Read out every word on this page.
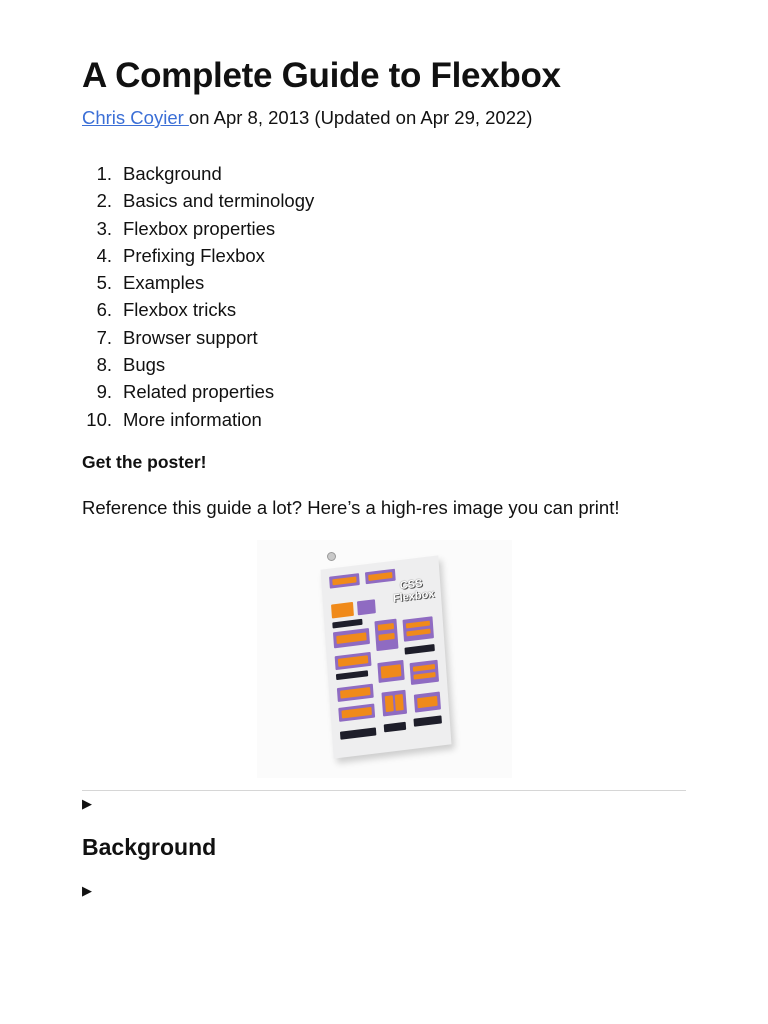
A Complete Guide to Flexbox
Chris Coyier on Apr 8, 2013 (Updated on Apr 29, 2022)
1. Background
2. Basics and terminology
3. Flexbox properties
4. Prefixing Flexbox
5. Examples
6. Flexbox tricks
7. Browser support
8. Bugs
9. Related properties
10. More information
Get the poster!
Reference this guide a lot? Here’s a high-res image you can print!
CSS Flexbox
▶
Background
▶
